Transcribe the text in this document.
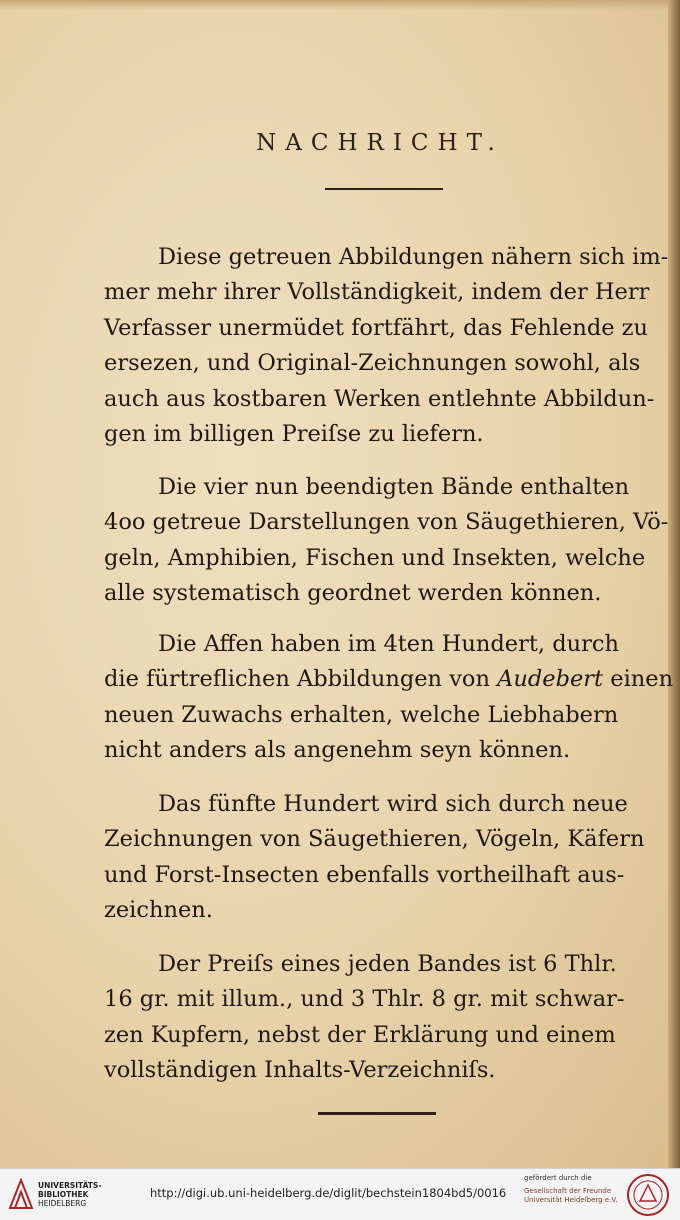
NACHRICHT.
Diese getreuen Abbildungen nähern sich im-
mer mehr ihrer Vollständigkeit, indem der Herr
Verfasser unermüdet fortfährt, das Fehlende zu
ersezen, und Original-Zeichnungen sowohl, als
auch aus kostbaren Werken entlehnte Abbildun-
gen im billigen Preiſse zu liefern.
Die vier nun beendigten Bände enthalten
4oo getreue Darstellungen von Säugethieren, Vö-
geln, Amphibien, Fischen und Insekten, welche
alle systematisch geordnet werden können.
Die Affen haben im 4ten Hundert, durch
die fürtreflichen Abbildungen von Audebert einen
neuen Zuwachs erhalten, welche Liebhabern
nicht anders als angenehm seyn können.
Das fünfte Hundert wird sich durch neue
Zeichnungen von Säugethieren, Vögeln, Käfern
und Forst-Insecten ebenfalls vortheilhaft aus-
zeichnen.
Der Preiſs eines jeden Bandes ist 6 Thlr.
16 gr. mit illum., und 3 Thlr. 8 gr. mit schwar-
zen Kupfern, nebst der Erklärung und einem
vollständigen Inhalts-Verzeichniſs.
UNIVERSITÄTS-
BIBLIOTHEK
HEIDELBERG
http://digi.ub.uni-heidelberg.de/diglit/bechstein1804bd5/0016
gefördert durch die
Gesellschaft der Freunde
Universität Heidelberg e.V.
